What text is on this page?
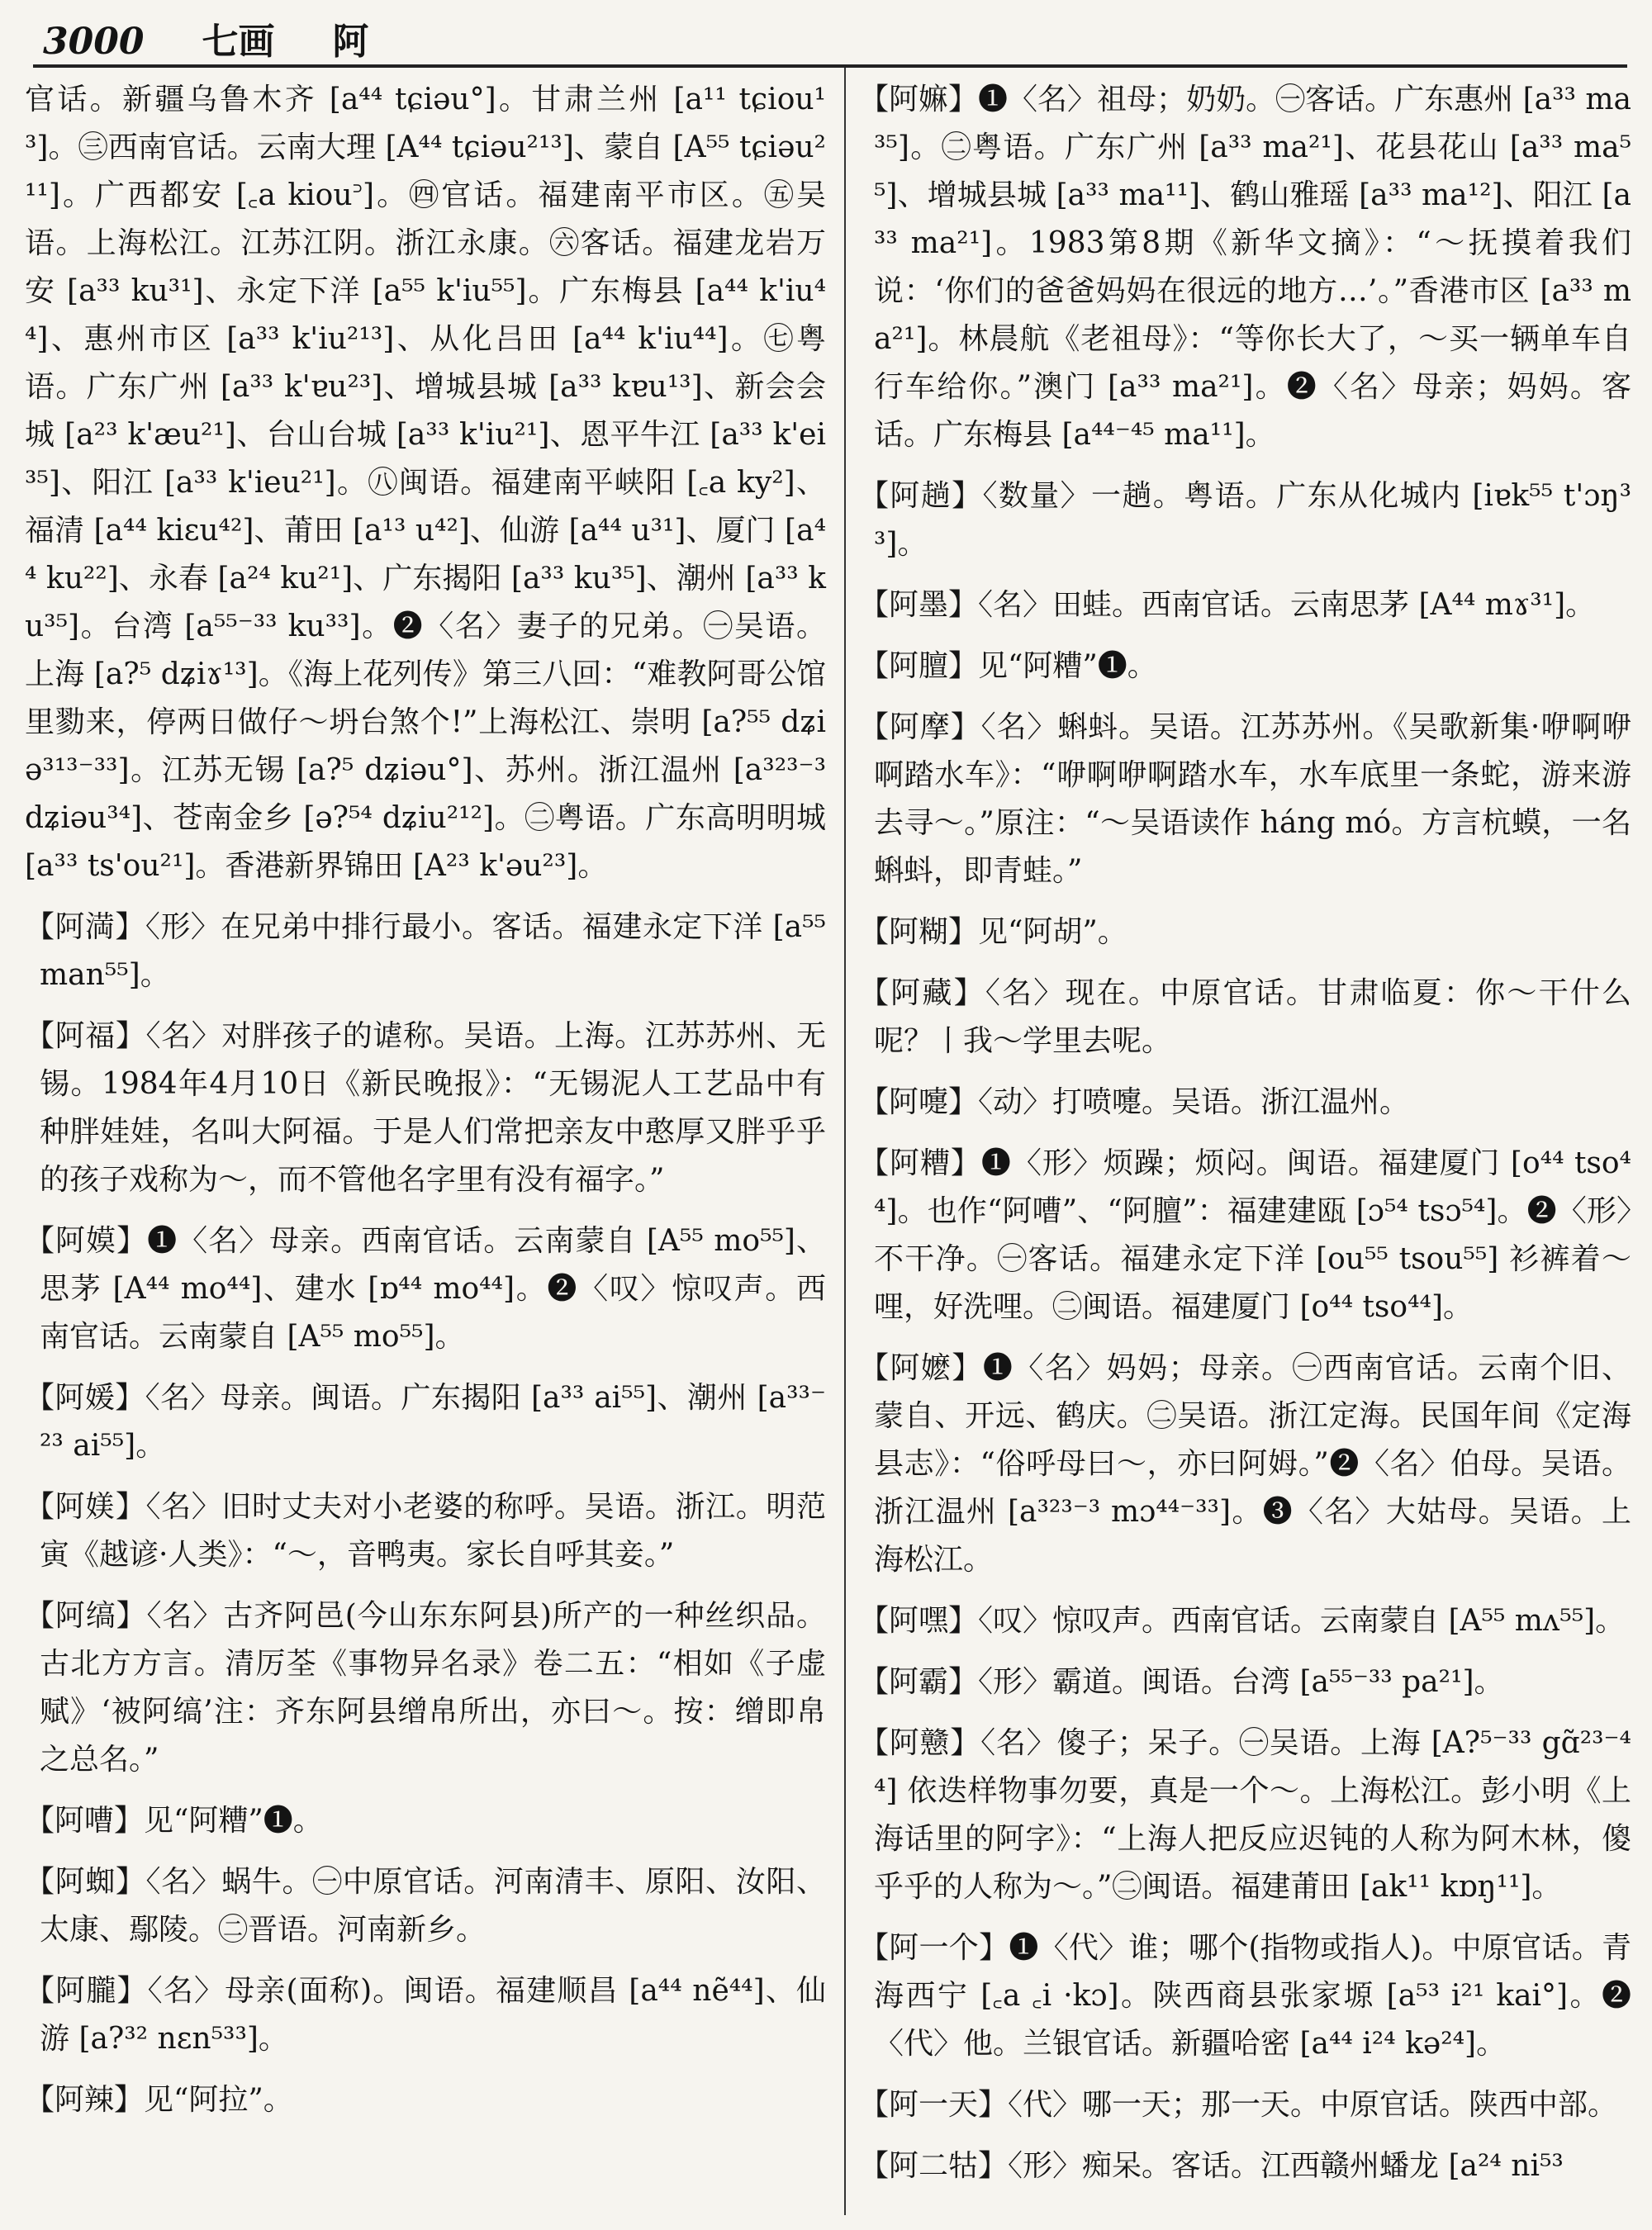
3000 七画 阿

官话。新疆乌鲁木齐 [a⁴⁴ tɕiəu°]。甘肃兰州 [a¹¹ tɕiou¹³]。㊂西南官话。云南大理 [A⁴⁴ tɕiəu²¹³]、蒙自 [A⁵⁵ tɕiəu²¹¹]。广西都安 [꜀a kiou꜄]。㊃官话。福建南平市区。㊄吴语。上海松江。江苏江阴。浙江永康。㊅客话。福建龙岩万安 [a³³ ku³¹]、永定下洋 [a⁵⁵ k'iu⁵⁵]。广东梅县 [a⁴⁴ k'iu⁴⁴]、惠州市区 [a³³ k'iu²¹³]、从化吕田 [a⁴⁴ k'iu⁴⁴]。㊆粤语。广东广州 [a³³ k'ɐu²³]、增城县城 [a³³ kɐu¹³]、新会会城 [a²³ k'æu²¹]、台山台城 [a³³ k'iu²¹]、恩平牛江 [a³³ k'ei³⁵]、阳江 [a³³ k'ieu²¹]。㊇闽语。福建南平峡阳 [꜀a ky²]、福清 [a⁴⁴ kiɛu⁴²]、莆田 [a¹³ u⁴²]、仙游 [a⁴⁴ u³¹]、厦门 [a⁴⁴ ku²²]、永春 [a²⁴ ku²¹]、广东揭阳 [a³³ ku³⁵]、潮州 [a³³ ku³⁵]。台湾 [a⁵⁵⁻³³ ku³³]。❷〈名〉妻子的兄弟。㊀吴语。上海 [a?⁵ dʑiɤ¹³]。《海上花列传》第三八回：“难教阿哥公馆里勠来，停两日做仔～坍台煞个!”上海松江、崇明 [a?⁵⁵ dʑiə³¹³⁻³³]。江苏无锡 [a?⁵ dʑiəu°]、苏州。浙江温州 [a³²³⁻³ dʑiəu³⁴]、苍南金乡 [ə?⁵⁴ dʑiu²¹²]。㊁粤语。广东高明明城 [a³³ ts'ou²¹]。香港新界锦田 [A²³ k'əu²³]。

【阿満】〈形〉在兄弟中排行最小。客话。福建永定下洋 [a⁵⁵ man⁵⁵]。

【阿福】〈名〉对胖孩子的谑称。吴语。上海。江苏苏州、无锡。1984年4月10日《新民晚报》：“无锡泥人工艺品中有种胖娃娃，名叫大阿福。于是人们常把亲友中憨厚又胖乎乎的孩子戏称为～，而不管他名字里有没有福字。”

【阿嫫】❶〈名〉母亲。西南官话。云南蒙自 [A⁵⁵ mo⁵⁵]、思茅 [A⁴⁴ mo⁴⁴]、建水 [ɒ⁴⁴ mo⁴⁴]。❷〈叹〉惊叹声。西南官话。云南蒙自 [A⁵⁵ mo⁵⁵]。

【阿媛】〈名〉母亲。闽语。广东揭阳 [a³³ ai⁵⁵]、潮州 [a³³⁻²³ ai⁵⁵]。

【阿媄】〈名〉旧时丈夫对小老婆的称呼。吴语。浙江。明范寅《越谚·人类》：“～，音鸭夷。家长自呼其妾。”

【阿缟】〈名〉古齐阿邑(今山东东阿县)所产的一种丝织品。古北方方言。清厉荃《事物异名录》卷二五：“相如《子虚赋》‘被阿缟’注：齐东阿县缯帛所出，亦曰～。按：缯即帛之总名。”

【阿嘈】见“阿糟”❶。

【阿蜘】〈名〉蜗牛。㊀中原官话。河南清丰、原阳、汝阳、太康、鄢陵。㊁晋语。河南新乡。

【阿朧】〈名〉母亲(面称)。闽语。福建顺昌 [a⁴⁴ nẽ⁴⁴]、仙游 [a?³² nɛn⁵³³]。

【阿辣】见“阿拉”。

【阿嫲】❶〈名〉祖母；奶奶。㊀客话。广东惠州 [a³³ ma³⁵]。㊁粤语。广东广州 [a³³ ma²¹]、花县花山 [a³³ ma⁵⁵]、增城县城 [a³³ ma¹¹]、鹤山雅瑶 [a³³ ma¹²]、阳江 [a³³ ma²¹]。1983第8期《新华文摘》：“～抚摸着我们说：‘你们的爸爸妈妈在很远的地方…’。”香港市区 [a³³ ma²¹]。林晨航《老祖母》：“等你长大了，～买一辆单车自行车给你。”澳门 [a³³ ma²¹]。❷〈名〉母亲；妈妈。客话。广东梅县 [a⁴⁴⁻⁴⁵ ma¹¹]。

【阿趟】〈数量〉一趟。粤语。广东从化城内 [iɐk⁵⁵ t'ɔŋ³³]。

【阿墨】〈名〉田蛙。西南官话。云南思茅 [A⁴⁴ mɤ³¹]。

【阿膻】见“阿糟”❶。

【阿摩】〈名〉蝌蚪。吴语。江苏苏州。《吴歌新集·咿啊咿啊踏水车》：“咿啊咿啊踏水车，水车底里一条蛇，游来游去寻～。”原注：“～吴语读作 háng mó。方言杭蟆，一名蝌蚪，即青蛙。”

【阿糊】见“阿胡”。

【阿藏】〈名〉现在。中原官话。甘肃临夏：你～干什么呢？丨我～学里去呢。

【阿嚏】〈动〉打喷嚏。吴语。浙江温州。

【阿糟】❶〈形〉烦躁；烦闷。闽语。福建厦门 [o⁴⁴ tso⁴⁴]。也作“阿嘈”、“阿膻”：福建建瓯 [ɔ⁵⁴ tsɔ⁵⁴]。❷〈形〉不干净。㊀客话。福建永定下洋 [ou⁵⁵ tsou⁵⁵] 衫裤着～哩，好洗哩。㊁闽语。福建厦门 [o⁴⁴ tso⁴⁴]。

【阿嬷】❶〈名〉妈妈；母亲。㊀西南官话。云南个旧、蒙自、开远、鹤庆。㊁吴语。浙江定海。民国年间《定海县志》：“俗呼母曰～，亦曰阿姆。”❷〈名〉伯母。吴语。浙江温州 [a³²³⁻³ mɔ⁴⁴⁻³³]。❸〈名〉大姑母。吴语。上海松江。

【阿嘿】〈叹〉惊叹声。西南官话。云南蒙自 [A⁵⁵ mʌ⁵⁵]。

【阿霸】〈形〉霸道。闽语。台湾 [a⁵⁵⁻³³ pa²¹]。

【阿戆】〈名〉傻子；呆子。㊀吴语。上海 [A?⁵⁻³³ gɑ̃²³⁻⁴⁴] 依迭样物事勿要，真是一个～。上海松江。彭小明《上海话里的阿字》：“上海人把反应迟钝的人称为阿木林，傻乎乎的人称为～。”㊁闽语。福建莆田 [ak¹¹ kɒŋ¹¹]。

【阿一个】❶〈代〉谁；哪个(指物或指人)。中原官话。青海西宁 [꜀a ꜀i ·kɔ]。陕西商县张家塬 [a⁵³ i²¹ kai°]。❷〈代〉他。兰银官话。新疆哈密 [a⁴⁴ i²⁴ kə²⁴]。

【阿一天】〈代〉哪一天；那一天。中原官话。陕西中部。

【阿二牯】〈形〉痴呆。客话。江西赣州蟠龙 [a²⁴ ni⁵³
